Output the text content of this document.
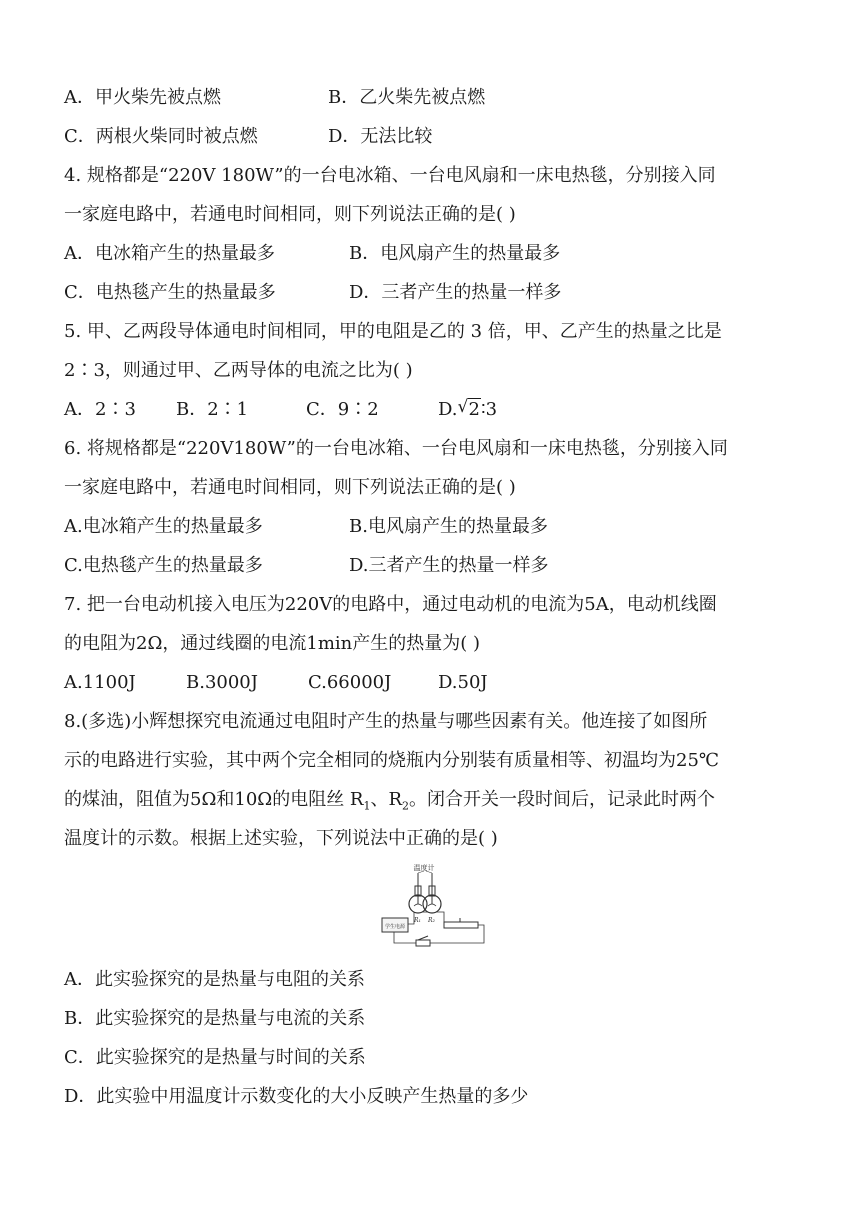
A．甲火柴先被点燃	B．乙火柴先被点燃
C．两根火柴同时被点燃	D．无法比较
4. 规格都是“220V 180W”的一台电冰箱、一台电风扇和一床电热毯，分别接入同
一家庭电路中，若通电时间相同，则下列说法正确的是( )
A．电冰箱产生的热量最多	B．电风扇产生的热量最多
C．电热毯产生的热量最多	D．三者产生的热量一样多
5. 甲、乙两段导体通电时间相同，甲的电阻是乙的 3 倍，甲、乙产生的热量之比是
2∶3，则通过甲、乙两导体的电流之比为( )
A．2∶3	B．2∶1	C．9∶2	D. √ 2∶3
6. 将规格都是“220V180W”的一台电冰箱、一台电风扇和一床电热毯，分别接入同
一家庭电路中，若通电时间相同，则下列说法正确的是( )
A.电冰箱产生的热量最多	B.电风扇产生的热量最多
C.电热毯产生的热量最多	D.三者产生的热量一样多
7. 把一台电动机接入电压为220V的电路中，通过电动机的电流为5A，电动机线圈
的电阻为2Ω，通过线圈的电流1min产生的热量为( )
A.1100J	B.3000J	C.66000J	D.50J
8.(多选)小辉想探究电流通过电阻时产生的热量与哪些因素有关。他连接了如图所
示的电路进行实验，其中两个完全相同的烧瓶内分别装有质量相等、初温均为25℃
的煤油，阻值为5Ω和10Ω的电阻丝 $R_1$、$R_2$。闭合开关一段时间后，记录此时两个
温度计的示数。根据上述实验，下列说法中正确的是( )
温度计
R₁ R₂
学生电源
A．此实验探究的是热量与电阻的关系
B．此实验探究的是热量与电流的关系
C．此实验探究的是热量与时间的关系
D．此实验中用温度计示数变化的大小反映产生热量的多少
